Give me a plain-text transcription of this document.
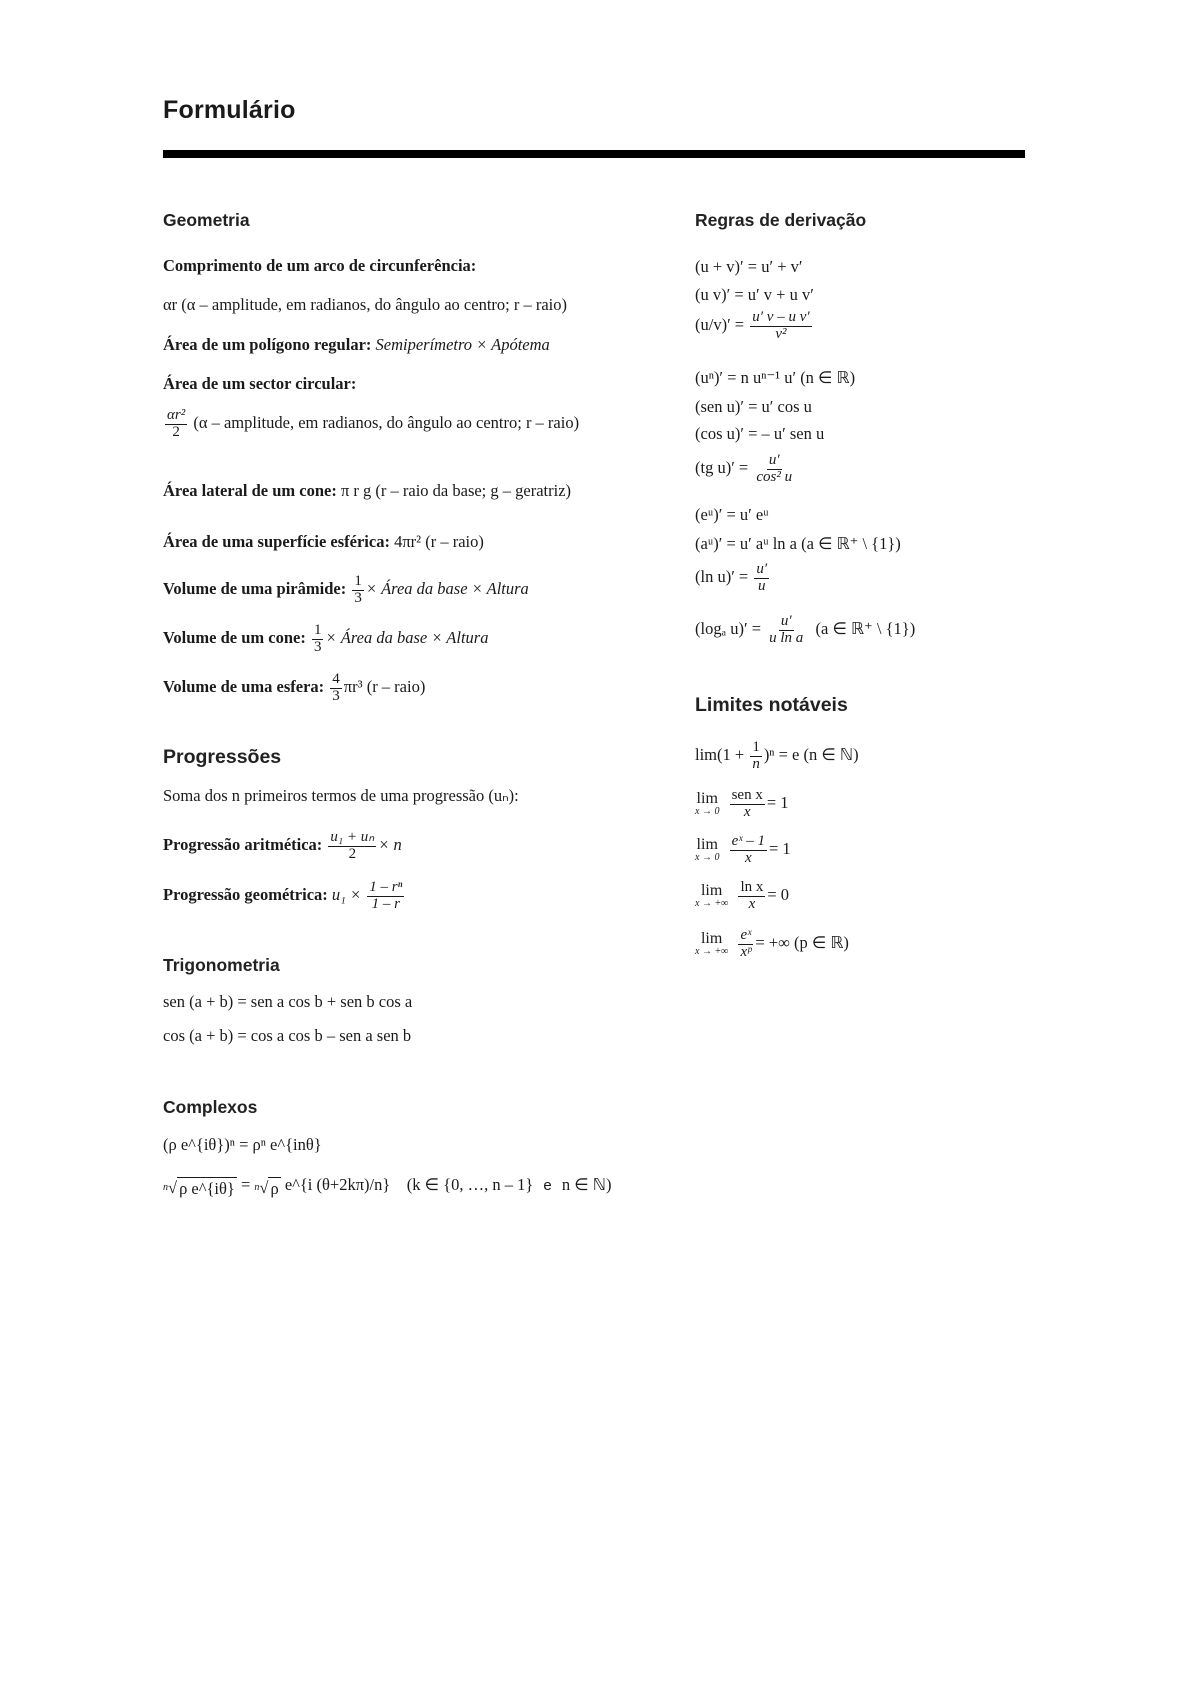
Formulário
Geometria
Comprimento de um arco de circunferência:
αr (α – amplitude, em radianos, do ângulo ao centro; r – raio)
Área de um polígono regular: Semiperímetro × Apótema
Área de um sector circular:
$\frac{\text{αr²}}{2} (\alpha$ – amplitude, em radianos, do ângulo ao centro; r – raio)
Área lateral de um cone: π r g (r – raio da base; g – geratriz)
Área de uma superfície esférica: 4πr² (r – raio)
Volume de uma pirâmide: $\frac{1}{3}$ × Área da base × Altura
Volume de um cone: $\frac{1}{3}$ × Área da base × Altura
Volume de uma esfera: $\frac{4}{3} \pi r^3$ (r – raio)
Progressões
Soma dos n primeiros termos de uma progressão (uₙ):
Progressão aritmética: $\frac{\text{u₁ + uₙ}}{2} \times n$
Progressão geométrica: $u_1 \times \frac{\text{1 – rⁿ}}{1 - r}$
Trigonometria
sen (a + b) = sen a cos b + sen b cos a
cos (a + b) = cos a cos b – sen a sen b
Complexos
(ρ e^{iθ})ⁿ = ρⁿ e^{inθ}
n √ ρ e^{iθ} = n √ ρ e^{i (θ+2kπ)/n} (k ∈ {0, …, n – 1} e n ∈ ℕ)
Regras de derivação
(u + v)′ = u′ + v′
(u v)′ = u′ v + u v′
$(u/v)' = \frac{\text{u′ v – u v′}}{\text{v²}}$
(uⁿ)′ = n uⁿ⁻¹ u′ (n ∈ ℝ)
(sen u)′ = u′ cos u
(cos u)′ = – u′ sen u
(tg $u)' = \frac{u'}{\text{cos² u}}$
(eᵘ)′ = u′ eᵘ
(aᵘ)′ = u′ aᵘ ln a (a ∈ ℝ⁺ \ {1})
(ln $u)' = \frac{u'}{u}$
(logₐ $u)' = \frac{u'}{\text{u ln a}} (a$ ∈ ℝ⁺ \ {1})
Limites notáveis
$\lim(1 + \frac{1}{n} )^n = e$ (n ∈ ℕ)
lim
x → 0
$\frac{\text{sen x}}{x} = 1$
lim
x → 0
$\frac{\text{eˣ – 1}}{x} = 1$
lim
x → +∞
$\frac{\text{ln x}}{x} = 0$
lim
x → +∞
$\frac{\text{eˣ}}{\text{xᵖ}}$ = +∞ (p ∈ ℝ)
